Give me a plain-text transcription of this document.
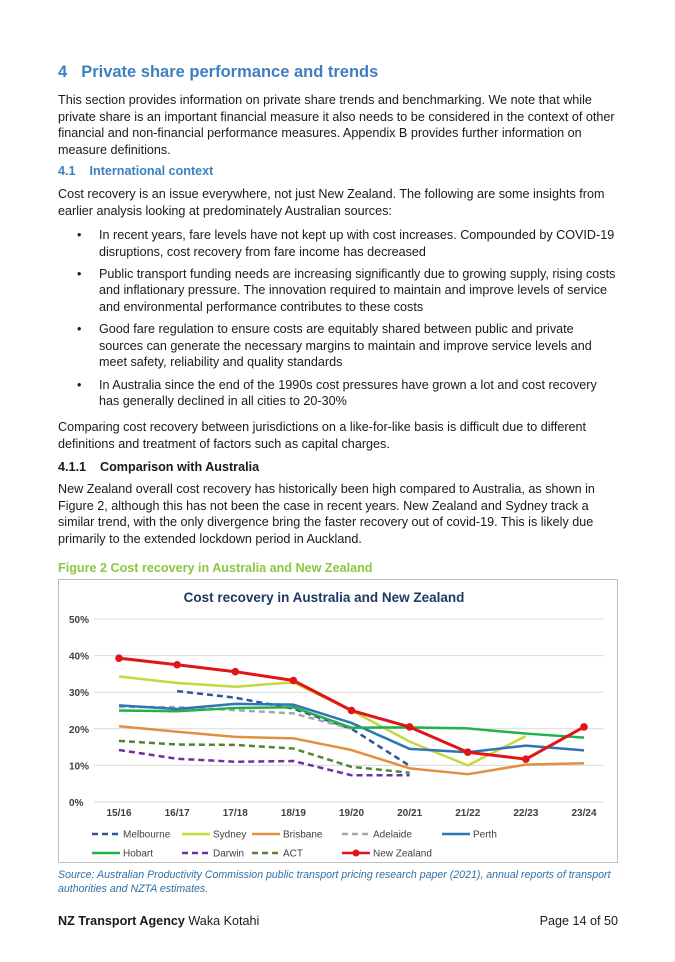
4 Private share performance and trends

This section provides information on private share trends and benchmarking. We note that while private share is an important financial measure it also needs to be considered in the context of other financial and non-financial performance measures. Appendix B provides further information on measure definitions.

4.1 International context

Cost recovery is an issue everywhere, not just New Zealand. The following are some insights from earlier analysis looking at predominately Australian sources:

• In recent years, fare levels have not kept up with cost increases. Compounded by COVID-19 disruptions, cost recovery from fare income has decreased
• Public transport funding needs are increasing significantly due to growing supply, rising costs and inflationary pressure. The innovation required to maintain and improve levels of service and environmental performance contributes to these costs
• Good fare regulation to ensure costs are equitably shared between public and private sources can generate the necessary margins to maintain and improve service levels and meet safety, reliability and quality standards
• In Australia since the end of the 1990s cost pressures have grown a lot and cost recovery has generally declined in all cities to 20-30%

Comparing cost recovery between jurisdictions on a like-for-like basis is difficult due to different definitions and treatment of factors such as capital charges.

4.1.1 Comparison with Australia

New Zealand overall cost recovery has historically been high compared to Australia, as shown in Figure 2, although this has not been the case in recent years. New Zealand and Sydney track a similar trend, with the only divergence bring the faster recovery out of covid-19. This is likely due primarily to the extended lockdown period in Auckland.

Figure 2 Cost recovery in Australia and New Zealand

Cost recovery in Australia and New Zealand
0%
10%
20%
30%
40%
50%
15/16	16/17	17/18	18/19	19/20	20/21	21/22	22/23	23/24
Melbourne	Sydney	Brisbane	Adelaide	Perth
Hobart	Darwin	ACT	New Zealand

Source: Australian Productivity Commission public transport pricing research paper (2021), annual reports of transport authorities and NZTA estimates.

NZ Transport Agency Waka Kotahi	Page 14 of 50
